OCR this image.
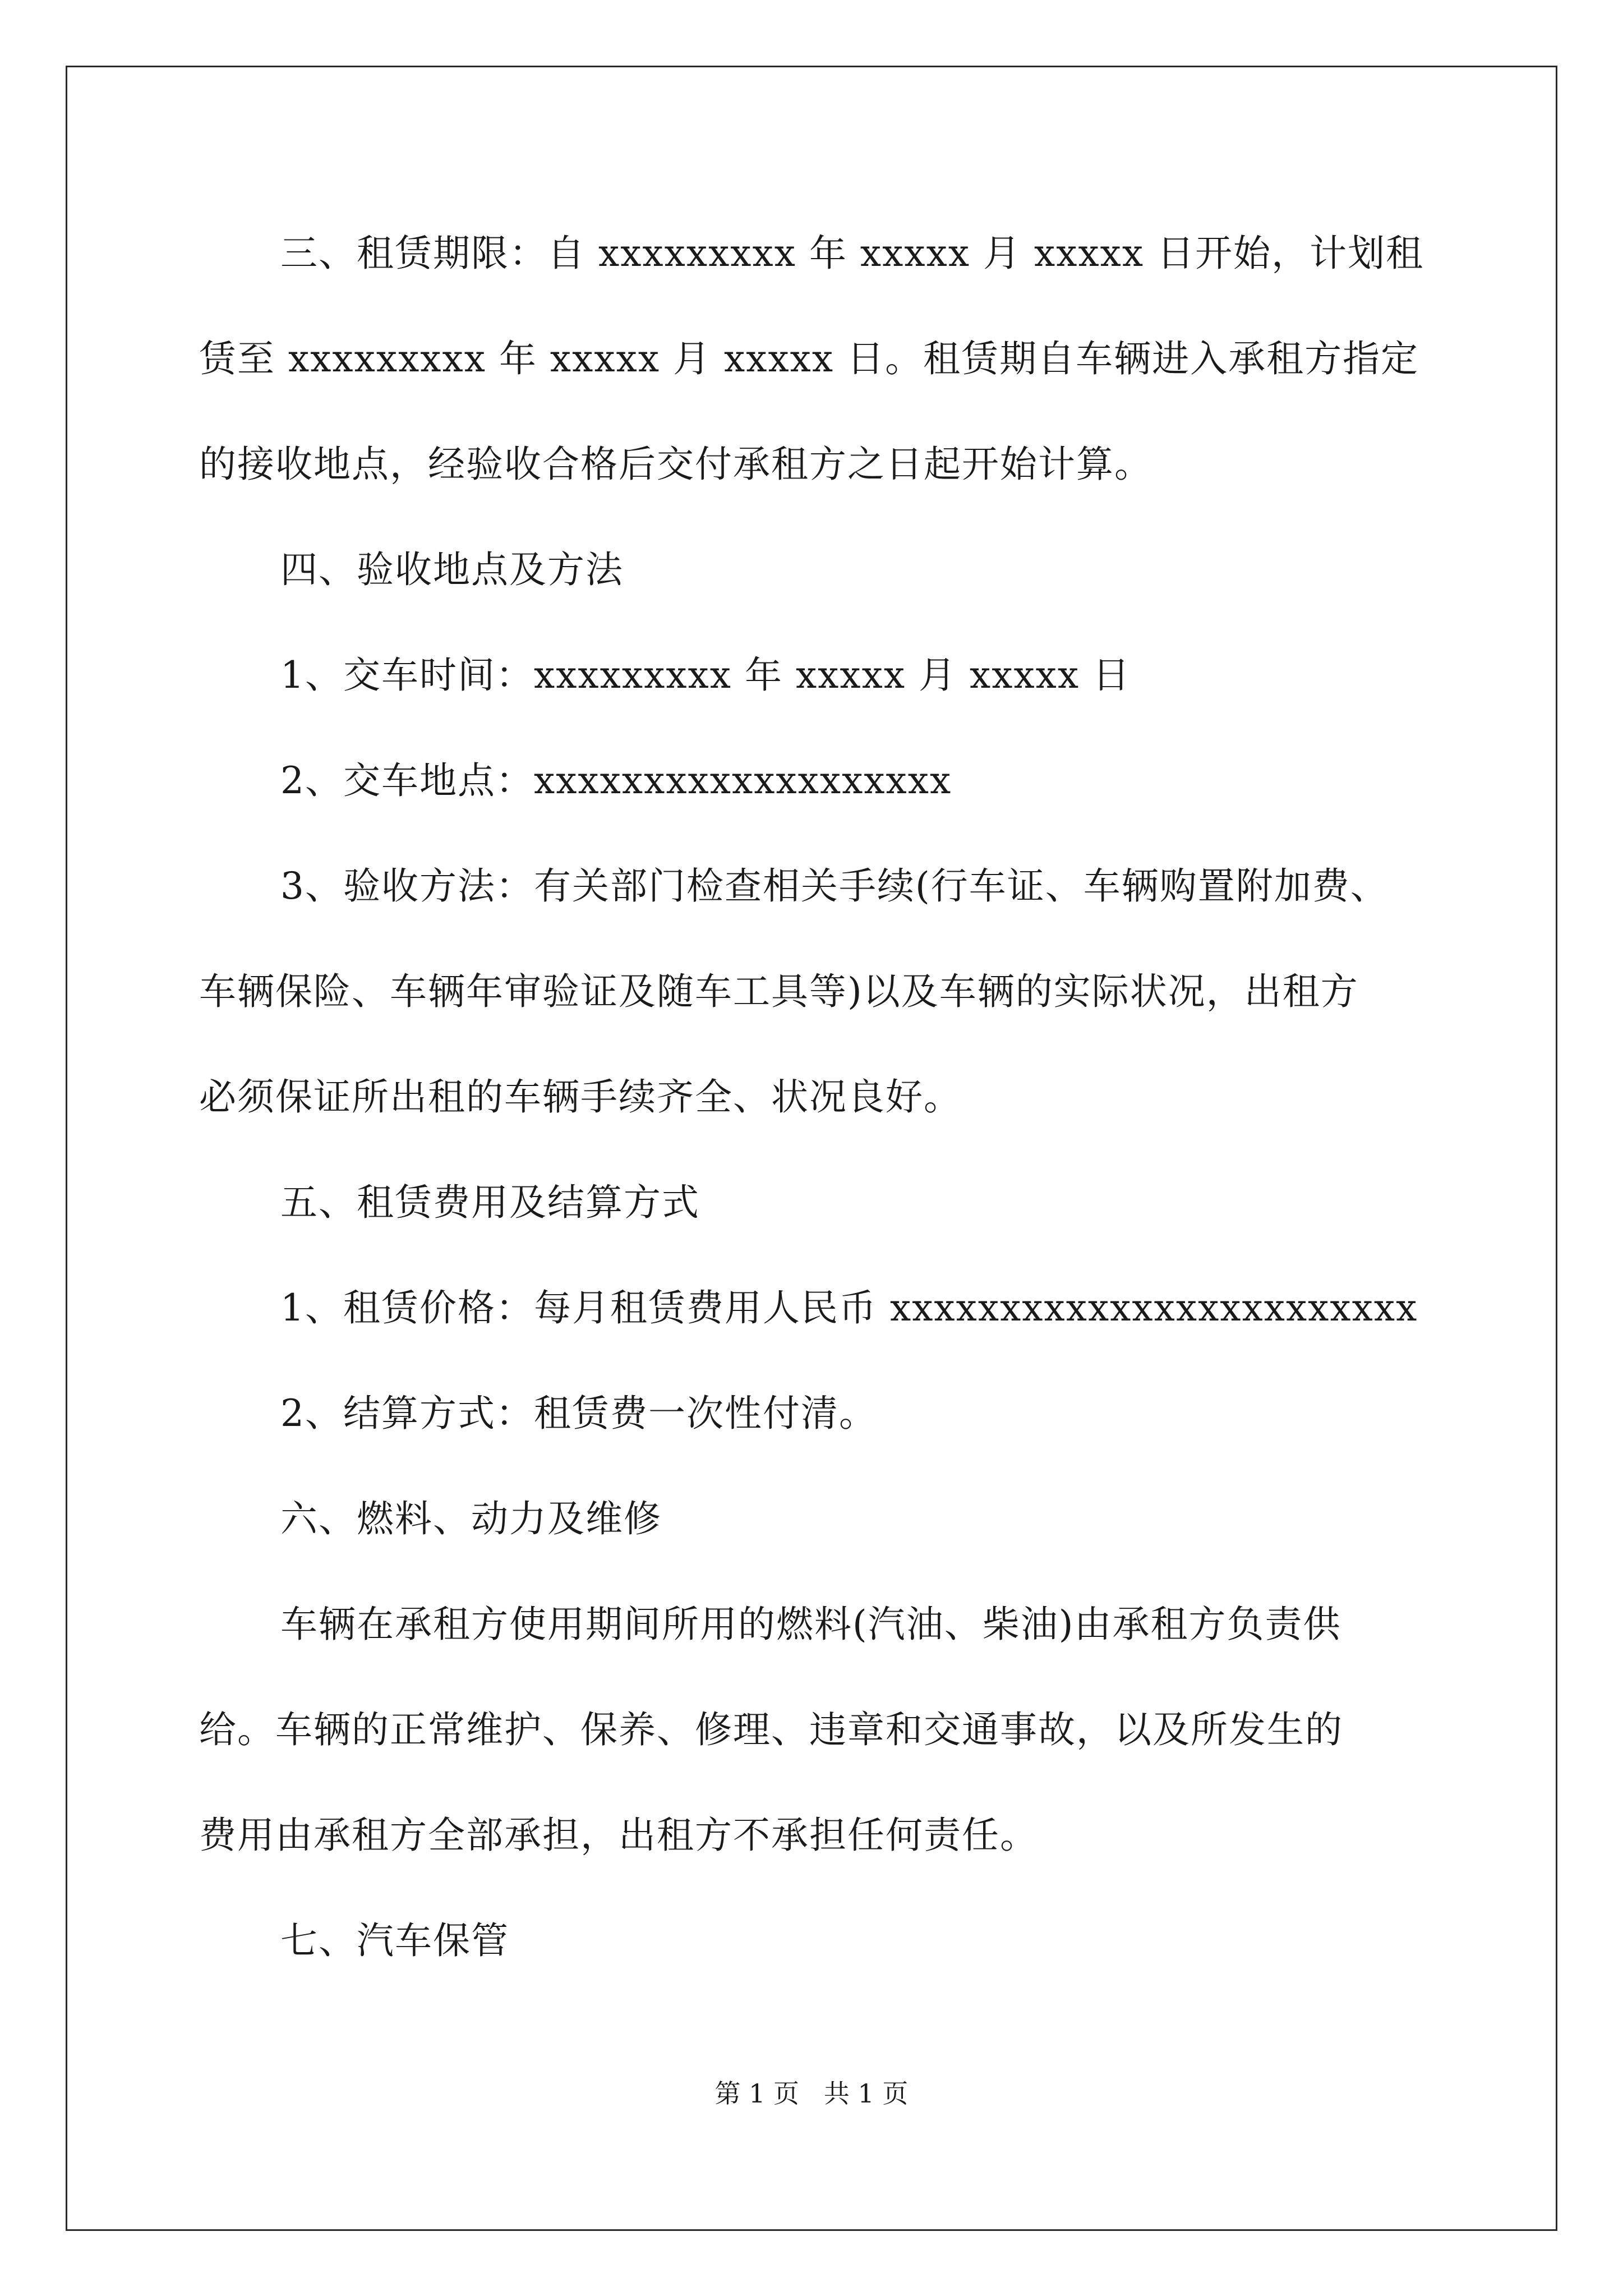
三、租赁期限：自 xxxxxxxxx 年 xxxxx 月 xxxxx 日开始，计划租
赁至 xxxxxxxxx 年 xxxxx 月 xxxxx 日。租赁期自车辆进入承租方指定
的接收地点，经验收合格后交付承租方之日起开始计算。
四、验收地点及方法
1、交车时间：xxxxxxxxx 年 xxxxx 月 xxxxx 日
2、交车地点：xxxxxxxxxxxxxxxxxxx
3、验收方法：有关部门检查相关手续(行车证、车辆购置附加费、
车辆保险、车辆年审验证及随车工具等)以及车辆的实际状况，出租方
必须保证所出租的车辆手续齐全、状况良好。
五、租赁费用及结算方式
1、租赁价格：每月租赁费用人民币 xxxxxxxxxxxxxxxxxxxxxxxx
2、结算方式：租赁费一次性付清。
六、燃料、动力及维修
车辆在承租方使用期间所用的燃料(汽油、柴油)由承租方负责供
给。车辆的正常维护、保养、修理、违章和交通事故，以及所发生的
费用由承租方全部承担，出租方不承担任何责任。
七、汽车保管
第 1 页   共 1 页
